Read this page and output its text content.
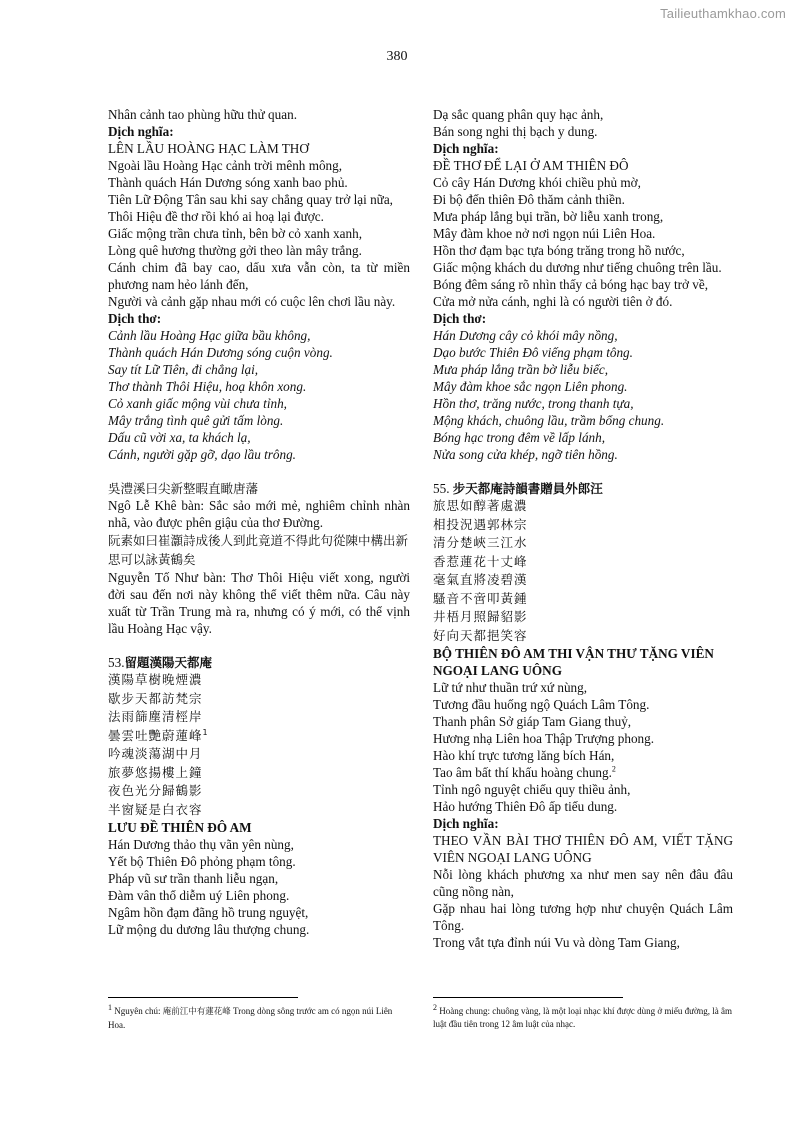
Tailieuthamkhao.com
380
Nhân cảnh tao phùng hữu thử quan.
Dịch nghĩa:
LÊN LẦU HOÀNG HẠC LÀM THƠ
Ngoài lầu Hoàng Hạc cảnh trời mênh mông,
Thành quách Hán Dương sóng xanh bao phủ.
Tiên Lữ Động Tân sau khi say chẳng quay trở lại nữa,
Thôi Hiệu đề thơ rồi khó ai hoạ lại được.
Giấc mộng trần chưa tỉnh, bên bờ cỏ xanh xanh,
Lòng quê hương thường gởi theo làn mây trắng.
Cánh chim đã bay cao, dấu xưa vẫn còn, ta từ miền phương nam hẻo lánh đến,
Người và cảnh gặp nhau mới có cuộc lên chơi lầu này.
Dịch thơ:
Cảnh lầu Hoàng Hạc giữa bầu không,
Thành quách Hán Dương sóng cuộn vòng.
Say tít Lữ Tiên, đi chẳng lại,
Thơ thành Thôi Hiệu, hoạ khôn xong.
Cỏ xanh giấc mộng vùi chưa tỉnh,
Mây trắng tình quê gửi tấm lòng.
Dấu cũ vời xa, ta khách lạ,
Cánh, người gặp gỡ, dạo lầu trông.
吳澧溪曰尖新整暇直瞰唐藩
Ngô Lễ Khê bàn: Sắc sảo mới mẻ, nghiêm chỉnh nhàn nhã, vào được phên giậu của thơ Đường.
阮素如曰崔灝詩成後人到此竟道不得此句從陳中構出新思可以詠黃鶴矣
Nguyễn Tố Như bàn: Thơ Thôi Hiệu viết xong, người đời sau đến nơi này không thể viết thêm nữa. Câu này xuất từ Trần Trung mà ra, nhưng có ý mới, có thể vịnh lầu Hoàng Hạc vậy.
53.留題漢陽天都庵
漢陽草樹晚煙濃
歇步天都訪梵宗
法雨篩塵清桱岸
曇雲吐艷蔚蓮峰$^1$
吟魂淡蕩湖中月
旅夢悠揚樓上鐘
夜色光分歸鶴影
半窗疑是白衣容
LƯU ĐỀ THIÊN ĐÔ AM
Hán Dương thảo thụ vãn yên nùng,
Yết bộ Thiên Đô phỏng phạm tông.
Pháp vũ sư trần thanh liễu ngạn,
Đàm vân thổ diễm uý Liên phong.
Ngâm hồn đạm đãng hồ trung nguyệt,
Lữ mộng du dương lâu thượng chung.
Dạ sắc quang phân quy hạc ảnh,
Bán song nghi thị bạch y dung.
Dịch nghĩa:
ĐỀ THƠ ĐỂ LẠI Ở AM THIÊN ĐÔ
Cỏ cây Hán Dương khói chiều phủ mờ,
Đi bộ đến thiên Đô thăm cảnh thiền.
Mưa pháp lắng bụi trần, bờ liễu xanh trong,
Mây đàm khoe nở nơi ngọn núi Liên Hoa.
Hồn thơ đạm bạc tựa bóng trăng trong hồ nước,
Giấc mộng khách du dương như tiếng chuông trên lầu.
Bóng đêm sáng rõ nhìn thấy cả bóng hạc bay trở về,
Cửa mở nửa cánh, nghi là có người tiên ở đó.
Dịch thơ:
Hán Dương cây cỏ khói mây nồng,
Dạo bước Thiên Đô viếng phạm tông.
Mưa pháp lắng trần bờ liễu biếc,
Mây đàm khoe sắc ngọn Liên phong.
Hồn thơ, trăng nước, trong thanh tựa,
Mộng khách, chuông lầu, trầm bổng chung.
Bóng hạc trong đêm về lấp lánh,
Nửa song cửa khép, ngỡ tiên hồng.
55. 步天都庵詩韻書贈員外郎汪
旅思如醇著處濃
相投況遇郭林宗
清分楚峽三江水
香惹蓮花十丈峰
毫氣直將凌碧漢
騷音不啻叩黃鍾
井梧月照歸貂影
好向天都挹笑容
BỘ THIÊN ĐÔ AM THI VẬN THƯ TẶNG VIÊN NGOẠI LANG UÔNG
Lữ tứ như thuần trứ xứ nùng,
Tương đầu huống ngộ Quách Lâm Tông.
Thanh phân Sở giáp Tam Giang thuỷ,
Hương nhạ Liên hoa Thập Trượng phong.
Hào khí trực tương lăng bích Hán,
Tao âm bất thí khấu hoàng chung.$^2$
Tỉnh ngô nguyệt chiếu quy thiều ảnh,
Hảo hướng Thiên Đô ấp tiếu dung.
Dịch nghĩa:
THEO VẦN BÀI THƠ THIÊN ĐÔ AM, VIẾT TẶNG VIÊN NGOẠI LANG UÔNG
Nỗi lòng khách phương xa như men say nên đâu đâu cũng nồng nàn,
Gặp nhau hai lòng tương hợp như chuyện Quách Lâm Tông.
Trong vắt tựa đỉnh núi Vu và dòng Tam Giang,
$^1$ Nguyên chú: 庵前江中有蓮花峰 Trong dòng sông trước am có ngọn núi Liên Hoa.
$^2$ Hoàng chung: chuông vàng, là một loại nhạc khí được dùng ở miếu đường, là âm luật đầu tiên trong 12 âm luật của nhạc.
